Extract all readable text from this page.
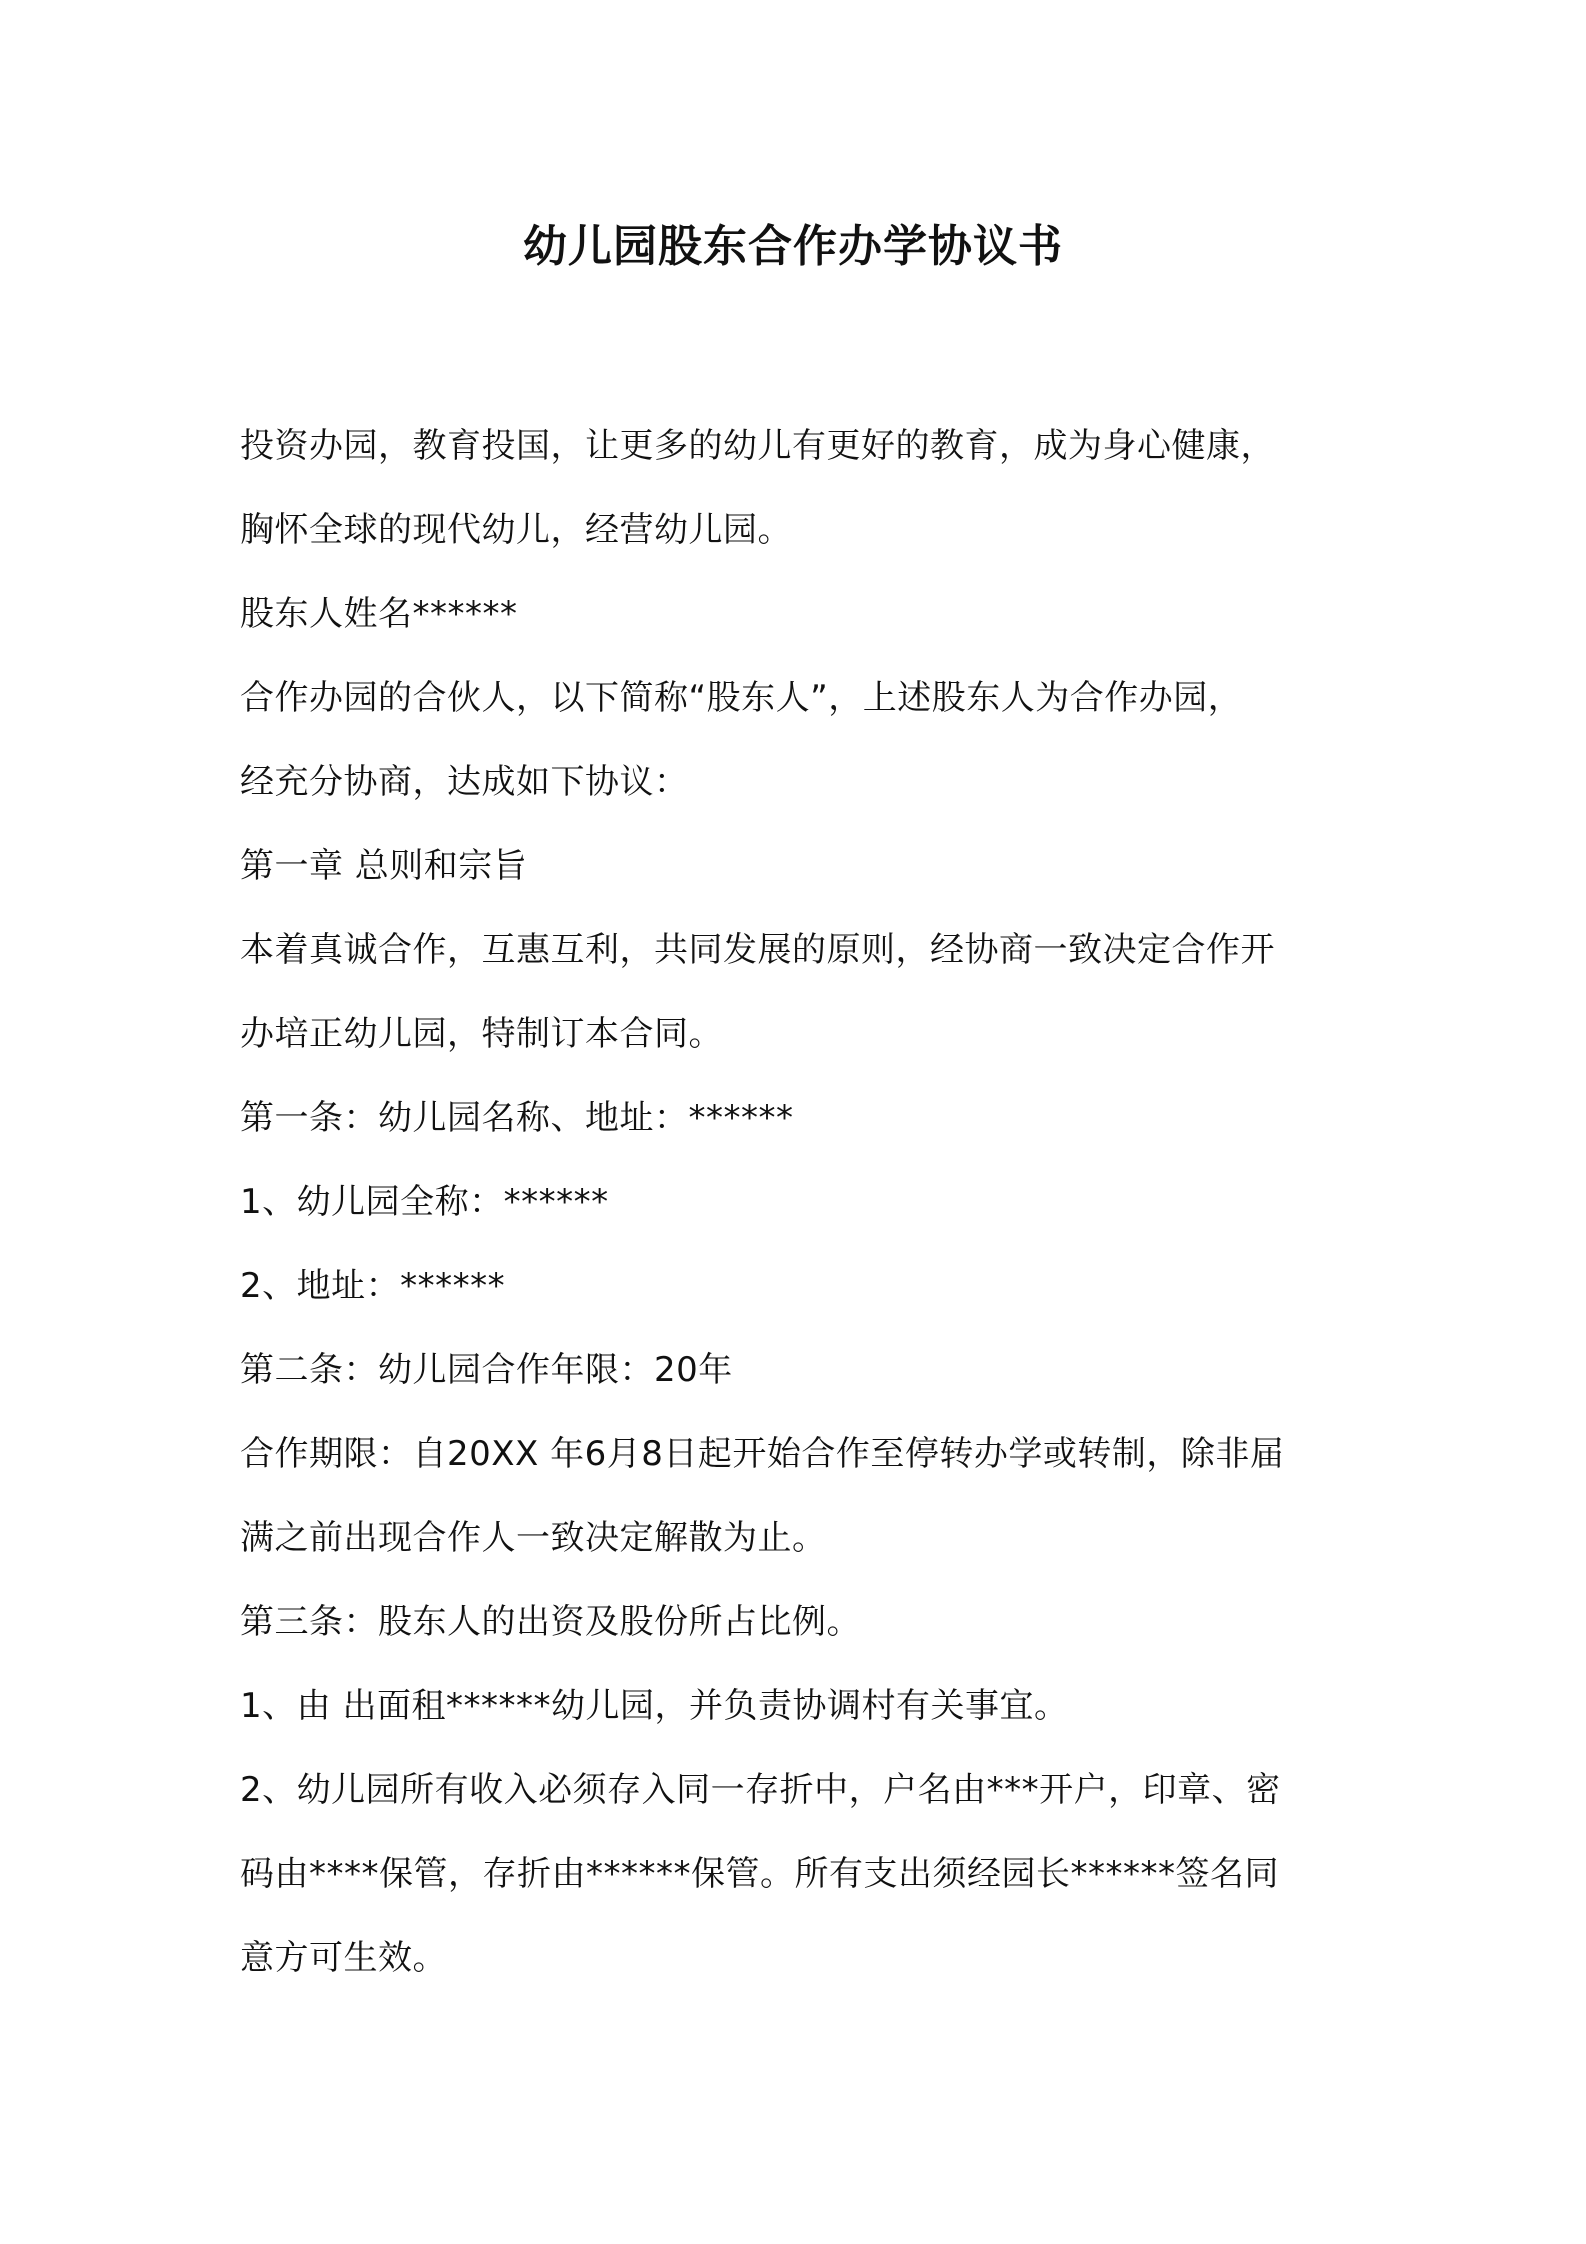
幼儿园股东合作办学协议书

投资办园，教育投国，让更多的幼儿有更好的教育，成为身心健康，

胸怀全球的现代幼儿，经营幼儿园。

股东人姓名******

合作办园的合伙人，以下简称“股东人”，上述股东人为合作办园，

经充分协商，达成如下协议：

第一章 总则和宗旨

本着真诚合作，互惠互利，共同发展的原则，经协商一致决定合作开

办培正幼儿园，特制订本合同。

第一条：幼儿园名称、地址：******

1、幼儿园全称：******

2、地址：******

第二条：幼儿园合作年限：20年

合作期限：自20XX 年6月8日起开始合作至停转办学或转制，除非届

满之前出现合作人一致决定解散为止。

第三条：股东人的出资及股份所占比例。

1、由 出面租******幼儿园，并负责协调村有关事宜。

2、幼儿园所有收入必须存入同一存折中，户名由***开户，印章、密

码由****保管，存折由******保管。所有支出须经园长******签名同

意方可生效。
